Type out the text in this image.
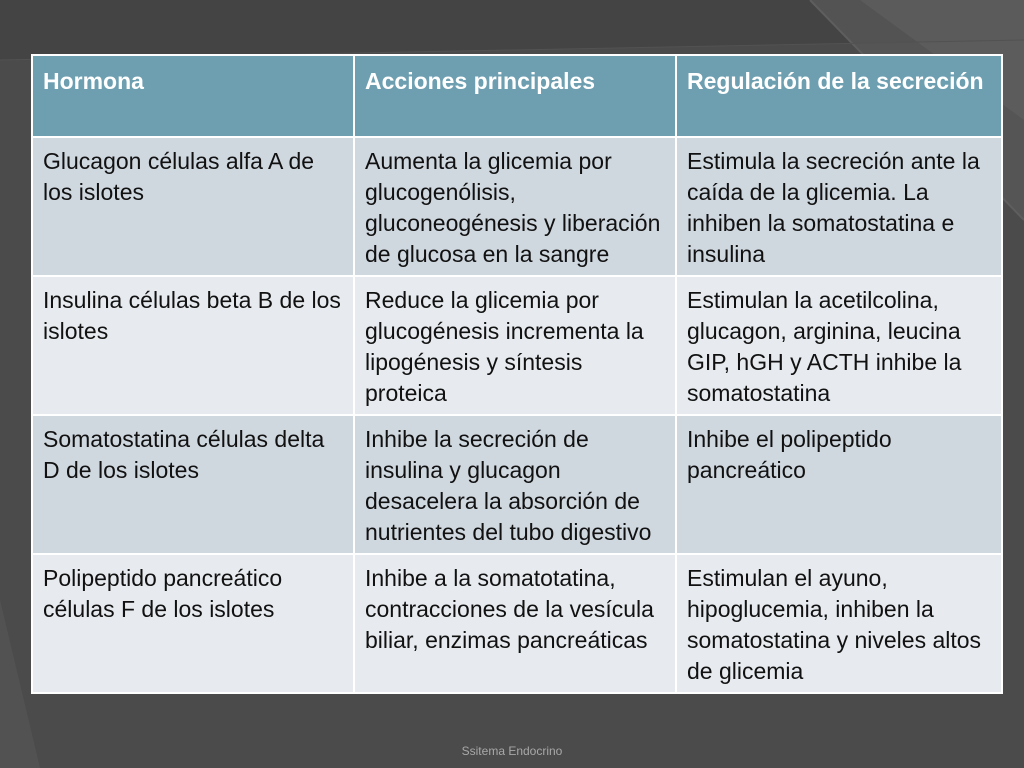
Hormona	Acciones principales	Regulación de la secreción
Glucagon células alfa A de los islotes	Aumenta la glicemia por glucogenólisis, gluconeogénesis y liberación de glucosa en la sangre	Estimula la secreción ante la caída de la glicemia. La inhiben la somatostatina e insulina
Insulina células beta B de los islotes	Reduce la glicemia por glucogénesis incrementa la lipogénesis y síntesis proteica	Estimulan la acetilcolina, glucagon, arginina, leucina GIP, hGH y ACTH inhibe la somatostatina
Somatostatina células delta D de los islotes	Inhibe la secreción de insulina y glucagon desacelera la absorción de nutrientes del tubo digestivo	Inhibe el polipeptido pancreático
Polipeptido pancreático células F de los islotes	Inhibe a la somatotatina, contracciones de la vesícula biliar, enzimas pancreáticas	Estimulan el ayuno, hipoglucemia, inhiben la somatostatina y niveles altos de glicemia
Ssitema Endocrino
